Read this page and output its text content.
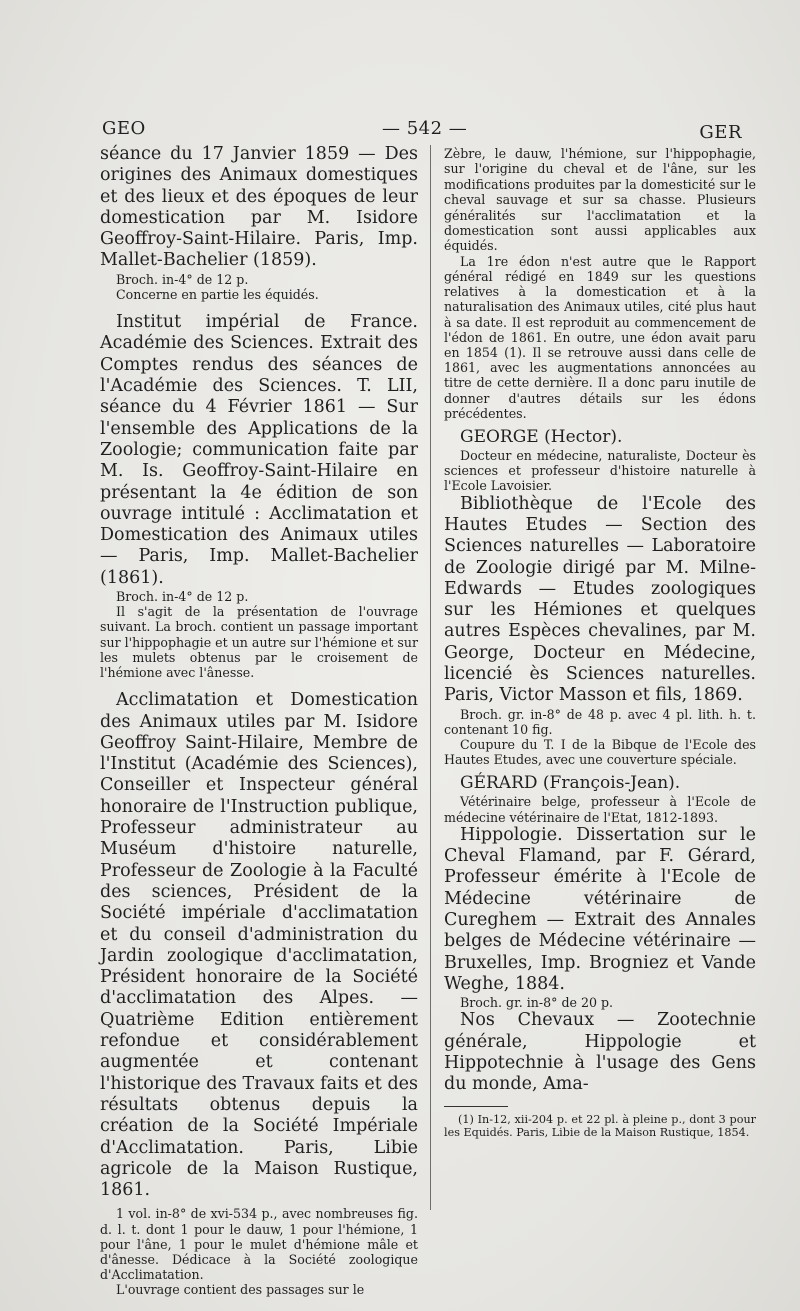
GEO	— 542 —	GER

séance du 17 Janvier 1859 — Des origines des Animaux domestiques et des lieux et des époques de leur domestication par M. Isidore Geoffroy-Saint-Hilaire. Paris, Imp. Mallet-Bachelier (1859).

Broch. in-4° de 12 p.

Concerne en partie les équidés.

Institut impérial de France. Académie des Sciences. Extrait des Comptes rendus des séances de l'Académie des Sciences. T. LII, séance du 4 Février 1861 — Sur l'ensemble des Applications de la Zoologie; communication faite par M. Is. Geoffroy-Saint-Hilaire en présentant la 4e édition de son ouvrage intitulé : Acclimatation et Domestication des Animaux utiles — Paris, Imp. Mallet-Bachelier (1861).

Broch. in-4° de 12 p.

Il s'agit de la présentation de l'ouvrage suivant. La broch. contient un passage important sur l'hippophagie et un autre sur l'hémione et sur les mulets obtenus par le croisement de l'hémione avec l'ânesse.

Acclimatation et Domestication des Animaux utiles par M. Isidore Geoffroy Saint-Hilaire, Membre de l'Institut (Académie des Sciences), Conseiller et Inspecteur général honoraire de l'Instruction publique, Professeur administrateur au Muséum d'histoire naturelle, Professeur de Zoologie à la Faculté des sciences, Président de la Société impériale d'acclimatation et du conseil d'administration du Jardin zoologique d'acclimatation, Président honoraire de la Société d'acclimatation des Alpes. — Quatrième Edition entièrement refondue et considérablement augmentée et contenant l'historique des Travaux faits et des résultats obtenus depuis la création de la Société Impériale d'Acclimatation. Paris, Libie agricole de la Maison Rustique, 1861.

1 vol. in-8° de xvi-534 p., avec nombreuses fig. d. l. t. dont 1 pour le dauw, 1 pour l'hémione, 1 pour l'âne, 1 pour le mulet d'hémione mâle et d'ânesse. Dédicace à la Société zoologique d'Acclimatation.

L'ouvrage contient des passages sur le

Zèbre, le dauw, l'hémione, sur l'hippophagie, sur l'origine du cheval et de l'âne, sur les modifications produites par la domesticité sur le cheval sauvage et sur sa chasse. Plusieurs généralités sur l'acclimatation et la domestication sont aussi applicables aux équidés.

La 1re édon n'est autre que le Rapport général rédigé en 1849 sur les questions relatives à la domestication et à la naturalisation des Animaux utiles, cité plus haut à sa date. Il est reproduit au commencement de l'édon de 1861. En outre, une édon avait paru en 1854 (1). Il se retrouve aussi dans celle de 1861, avec les augmentations annoncées au titre de cette dernière. Il a donc paru inutile de donner d'autres détails sur les édons précédentes.

GEORGE (Hector).

Docteur en médecine, naturaliste, Docteur ès sciences et professeur d'histoire naturelle à l'Ecole Lavoisier.

Bibliothèque de l'Ecole des Hautes Etudes — Section des Sciences naturelles — Laboratoire de Zoologie dirigé par M. Milne-Edwards — Etudes zoologiques sur les Hémiones et quelques autres Espèces chevalines, par M. George, Docteur en Médecine, licencié ès Sciences naturelles. Paris, Victor Masson et fils, 1869.

Broch. gr. in-8° de 48 p. avec 4 pl. lith. h. t. contenant 10 fig.

Coupure du T. I de la Bibque de l'Ecole des Hautes Etudes, avec une couverture spéciale.

GÉRARD (François-Jean).

Vétérinaire belge, professeur à l'Ecole de médecine vétérinaire de l'Etat, 1812-1893.

Hippologie. Dissertation sur le Cheval Flamand, par F. Gérard, Professeur émérite à l'Ecole de Médecine vétérinaire de Cureghem — Extrait des Annales belges de Médecine vétérinaire — Bruxelles, Imp. Brogniez et Vande Weghe, 1884.

Broch. gr. in-8° de 20 p.

Nos Chevaux — Zootechnie générale, Hippologie et Hippotechnie à l'usage des Gens du monde, Ama-

(1) In-12, xii-204 p. et 22 pl. à pleine p., dont 3 pour les Equidés. Paris, Libie de la Maison Rustique, 1854.
